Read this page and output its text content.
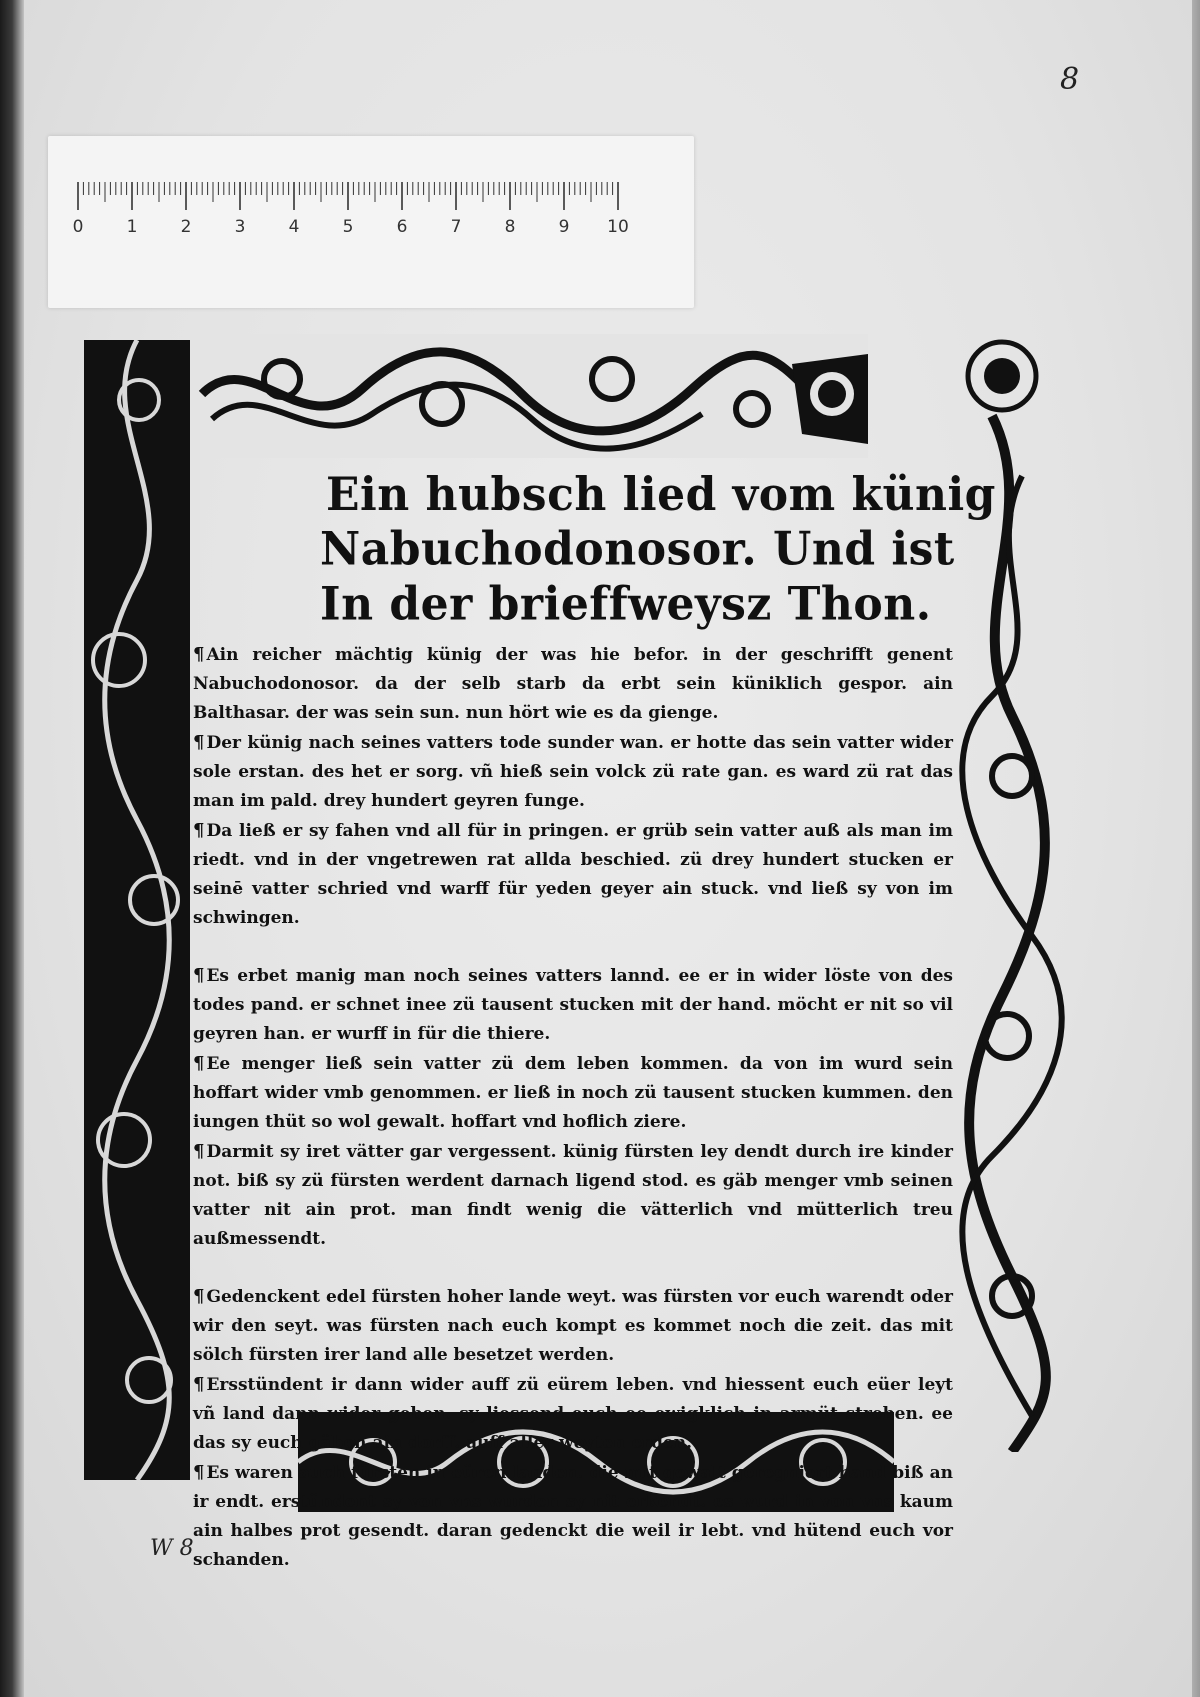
8
0	1	2	3	4	5	6	7	8	9 10
Ein hubsch lied vom künig
Nabuchodonosor. Und ist
In der brieffweysz Thon.

¶ Ain reicher mächtig künig der was hie befor. in der geschrifft genent Nabuchodonosor. da der selb starb da erbt sein küniklich gespor. ain Balthasar. der was sein sun. nun hört wie es da gienge.

¶ Der künig nach seines vatters tode sunder wan. er hotte das sein vatter wider sole erstan. des het er sorg. vñ hieß sein volck zü rate gan. es ward zü rat das man im pald. drey hundert geyren funge.

¶ Da ließ er sy fahen vnd all für in pringen. er grüb sein vatter auß als man im riedt. vnd in der vngetrewen rat allda beschied. zü drey hundert stucken er seinē vatter schried vnd warff für yeden geyer ain stuck. vnd ließ sy von im schwingen.

¶ Es erbet manig man noch seines vatters lannd. ee er in wider löste von des todes pand. er schnet inee zü tausent stucken mit der hand. möcht er nit so vil geyren han. er wurff in für die thiere.

¶ Ee menger ließ sein vatter zü dem leben kommen. da von im wurd sein hoffart wider vmb genommen. er ließ in noch zü tausent stucken kummen. den iungen thüt so wol gewalt. hoffart vnd hoflich ziere.

¶ Darmit sy iret vätter gar vergessent. künig fürsten ley dendt durch ire kinder not. biß sy zü fürsten werdent darnach ligend stod. es gäb menger vmb seinen vatter nit ain prot. man findt wenig die vätterlich vnd mütterlich treu außmessendt.

¶ Gedenckent edel fürsten hoher lande weyt. was fürsten vor euch warendt oder wir den seyt. was fürsten nach euch kompt es kommet noch die zeit. das mit sölch fürsten irer land alle besetzet werden.

¶ Ersstündent ir dann wider auff zü eürem leben. vnd hiessent euch eüer leyt vñ land dann wider geben. sy liessend euch ee ewigklich in armüt streben. ee das sy euch gäben ain dorff. auff aller weyten erden.

¶ Es waren auch fürsten in eüren landen. die mit gewalt geregniert hand biß an ir endt. erstündent sy von vns wurden sy nit erkendt. es wurd in von vns kaum ain halbes prot gesendt. daran gedenckt die weil ir lebt. vnd hütend euch vor schanden.

W 8
